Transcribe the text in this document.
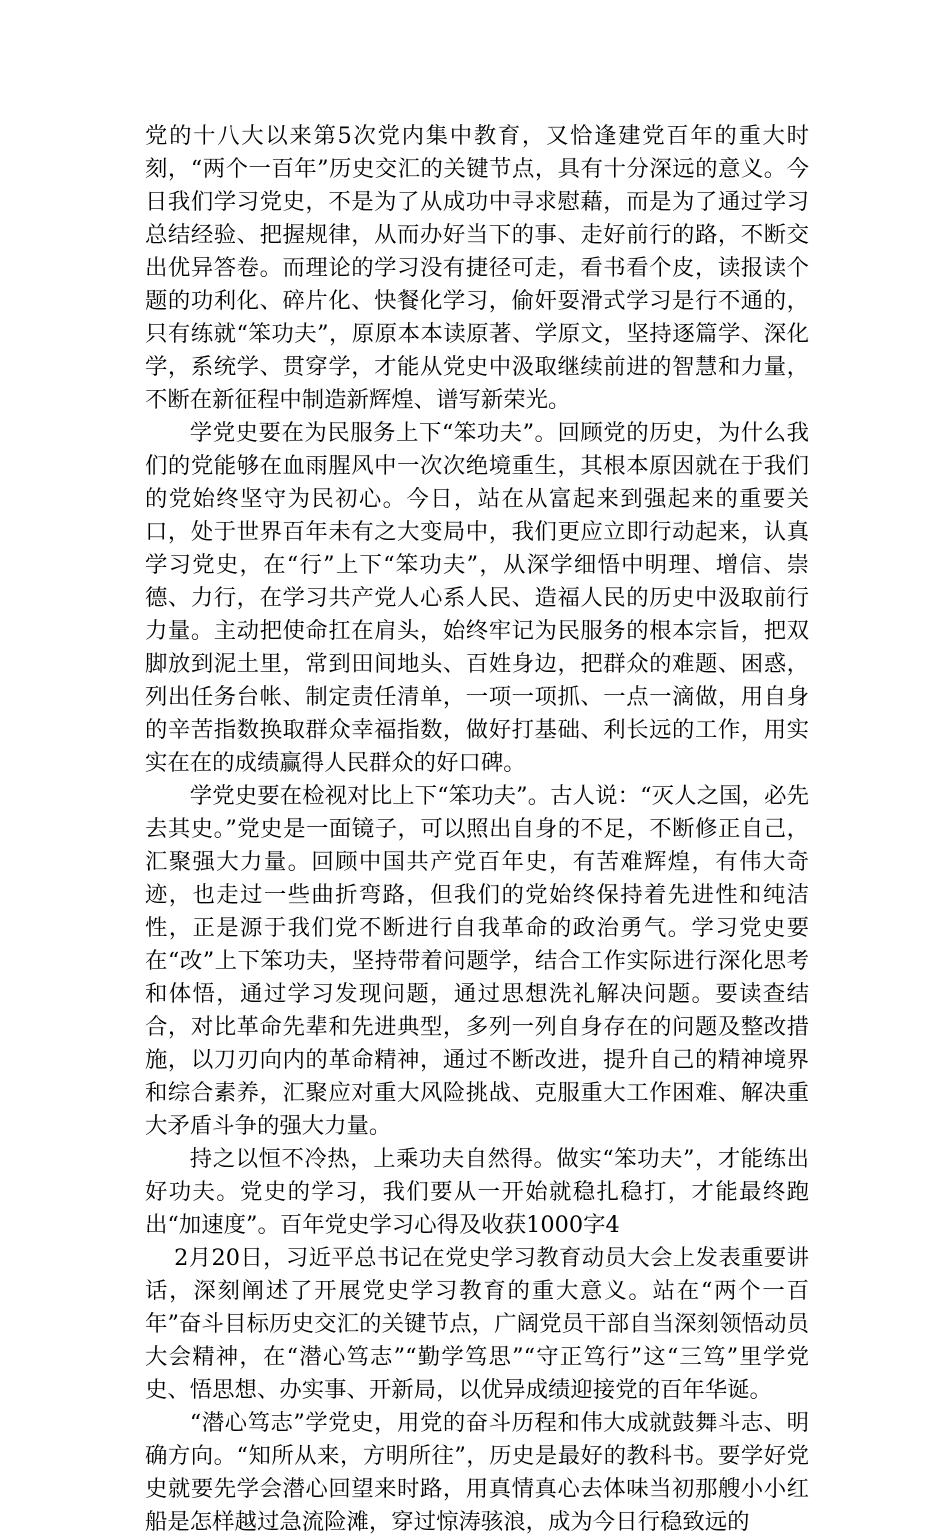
党的十八大以来第5次党内集中教育，又恰逢建党百年的重大时刻，“两个一百年”历史交汇的关键节点，具有十分深远的意义。今日我们学习党史，不是为了从成功中寻求慰藉，而是为了通过学习总结经验、把握规律，从而办好当下的事、走好前行的路，不断交出优异答卷。而理论的学习没有捷径可走，看书看个皮，读报读个题的功利化、碎片化、快餐化学习，偷奸耍滑式学习是行不通的，只有练就“笨功夫”，原原本本读原著、学原文，坚持逐篇学、深化学，系统学、贯穿学，才能从党史中汲取继续前进的智慧和力量，不断在新征程中制造新辉煌、谱写新荣光。

学党史要在为民服务上下“笨功夫”。回顾党的历史，为什么我们的党能够在血雨腥风中一次次绝境重生，其根本原因就在于我们的党始终坚守为民初心。今日，站在从富起来到强起来的重要关口，处于世界百年未有之大变局中，我们更应立即行动起来，认真学习党史，在“行”上下“笨功夫”，从深学细悟中明理、增信、崇德、力行，在学习共产党人心系人民、造福人民的历史中汲取前行力量。主动把使命扛在肩头，始终牢记为民服务的根本宗旨，把双脚放到泥土里，常到田间地头、百姓身边，把群众的难题、困惑，列出任务台帐、制定责任清单，一项一项抓、一点一滴做，用自身的辛苦指数换取群众幸福指数，做好打基础、利长远的工作，用实实在在的成绩赢得人民群众的好口碑。

学党史要在检视对比上下“笨功夫”。古人说：“灭人之国，必先去其史。”党史是一面镜子，可以照出自身的不足，不断修正自己，汇聚强大力量。回顾中国共产党百年史，有苦难辉煌，有伟大奇迹，也走过一些曲折弯路，但我们的党始终保持着先进性和纯洁性，正是源于我们党不断进行自我革命的政治勇气。学习党史要在“改”上下笨功夫，坚持带着问题学，结合工作实际进行深化思考和体悟，通过学习发现问题，通过思想洗礼解决问题。要读查结合，对比革命先辈和先进典型，多列一列自身存在的问题及整改措施，以刀刃向内的革命精神，通过不断改进，提升自己的精神境界和综合素养，汇聚应对重大风险挑战、克服重大工作困难、解决重大矛盾斗争的强大力量。

持之以恒不冷热，上乘功夫自然得。做实“笨功夫”，才能练出好功夫。党史的学习，我们要从一开始就稳扎稳打，才能最终跑出“加速度”。百年党史学习心得及收获1000字4

2月20日，习近平总书记在党史学习教育动员大会上发表重要讲话，深刻阐述了开展党史学习教育的重大意义。站在“两个一百年”奋斗目标历史交汇的关键节点，广阔党员干部自当深刻领悟动员大会精神，在“潜心笃志”“勤学笃思”“守正笃行”这“三笃”里学党史、悟思想、办实事、开新局，以优异成绩迎接党的百年华诞。

“潜心笃志”学党史，用党的奋斗历程和伟大成就鼓舞斗志、明确方向。“知所从来，方明所往”，历史是最好的教科书。要学好党史就要先学会潜心回望来时路，用真情真心去体味当初那艘小小红船是怎样越过急流险滩，穿过惊涛骇浪，成为今日行稳致远的
